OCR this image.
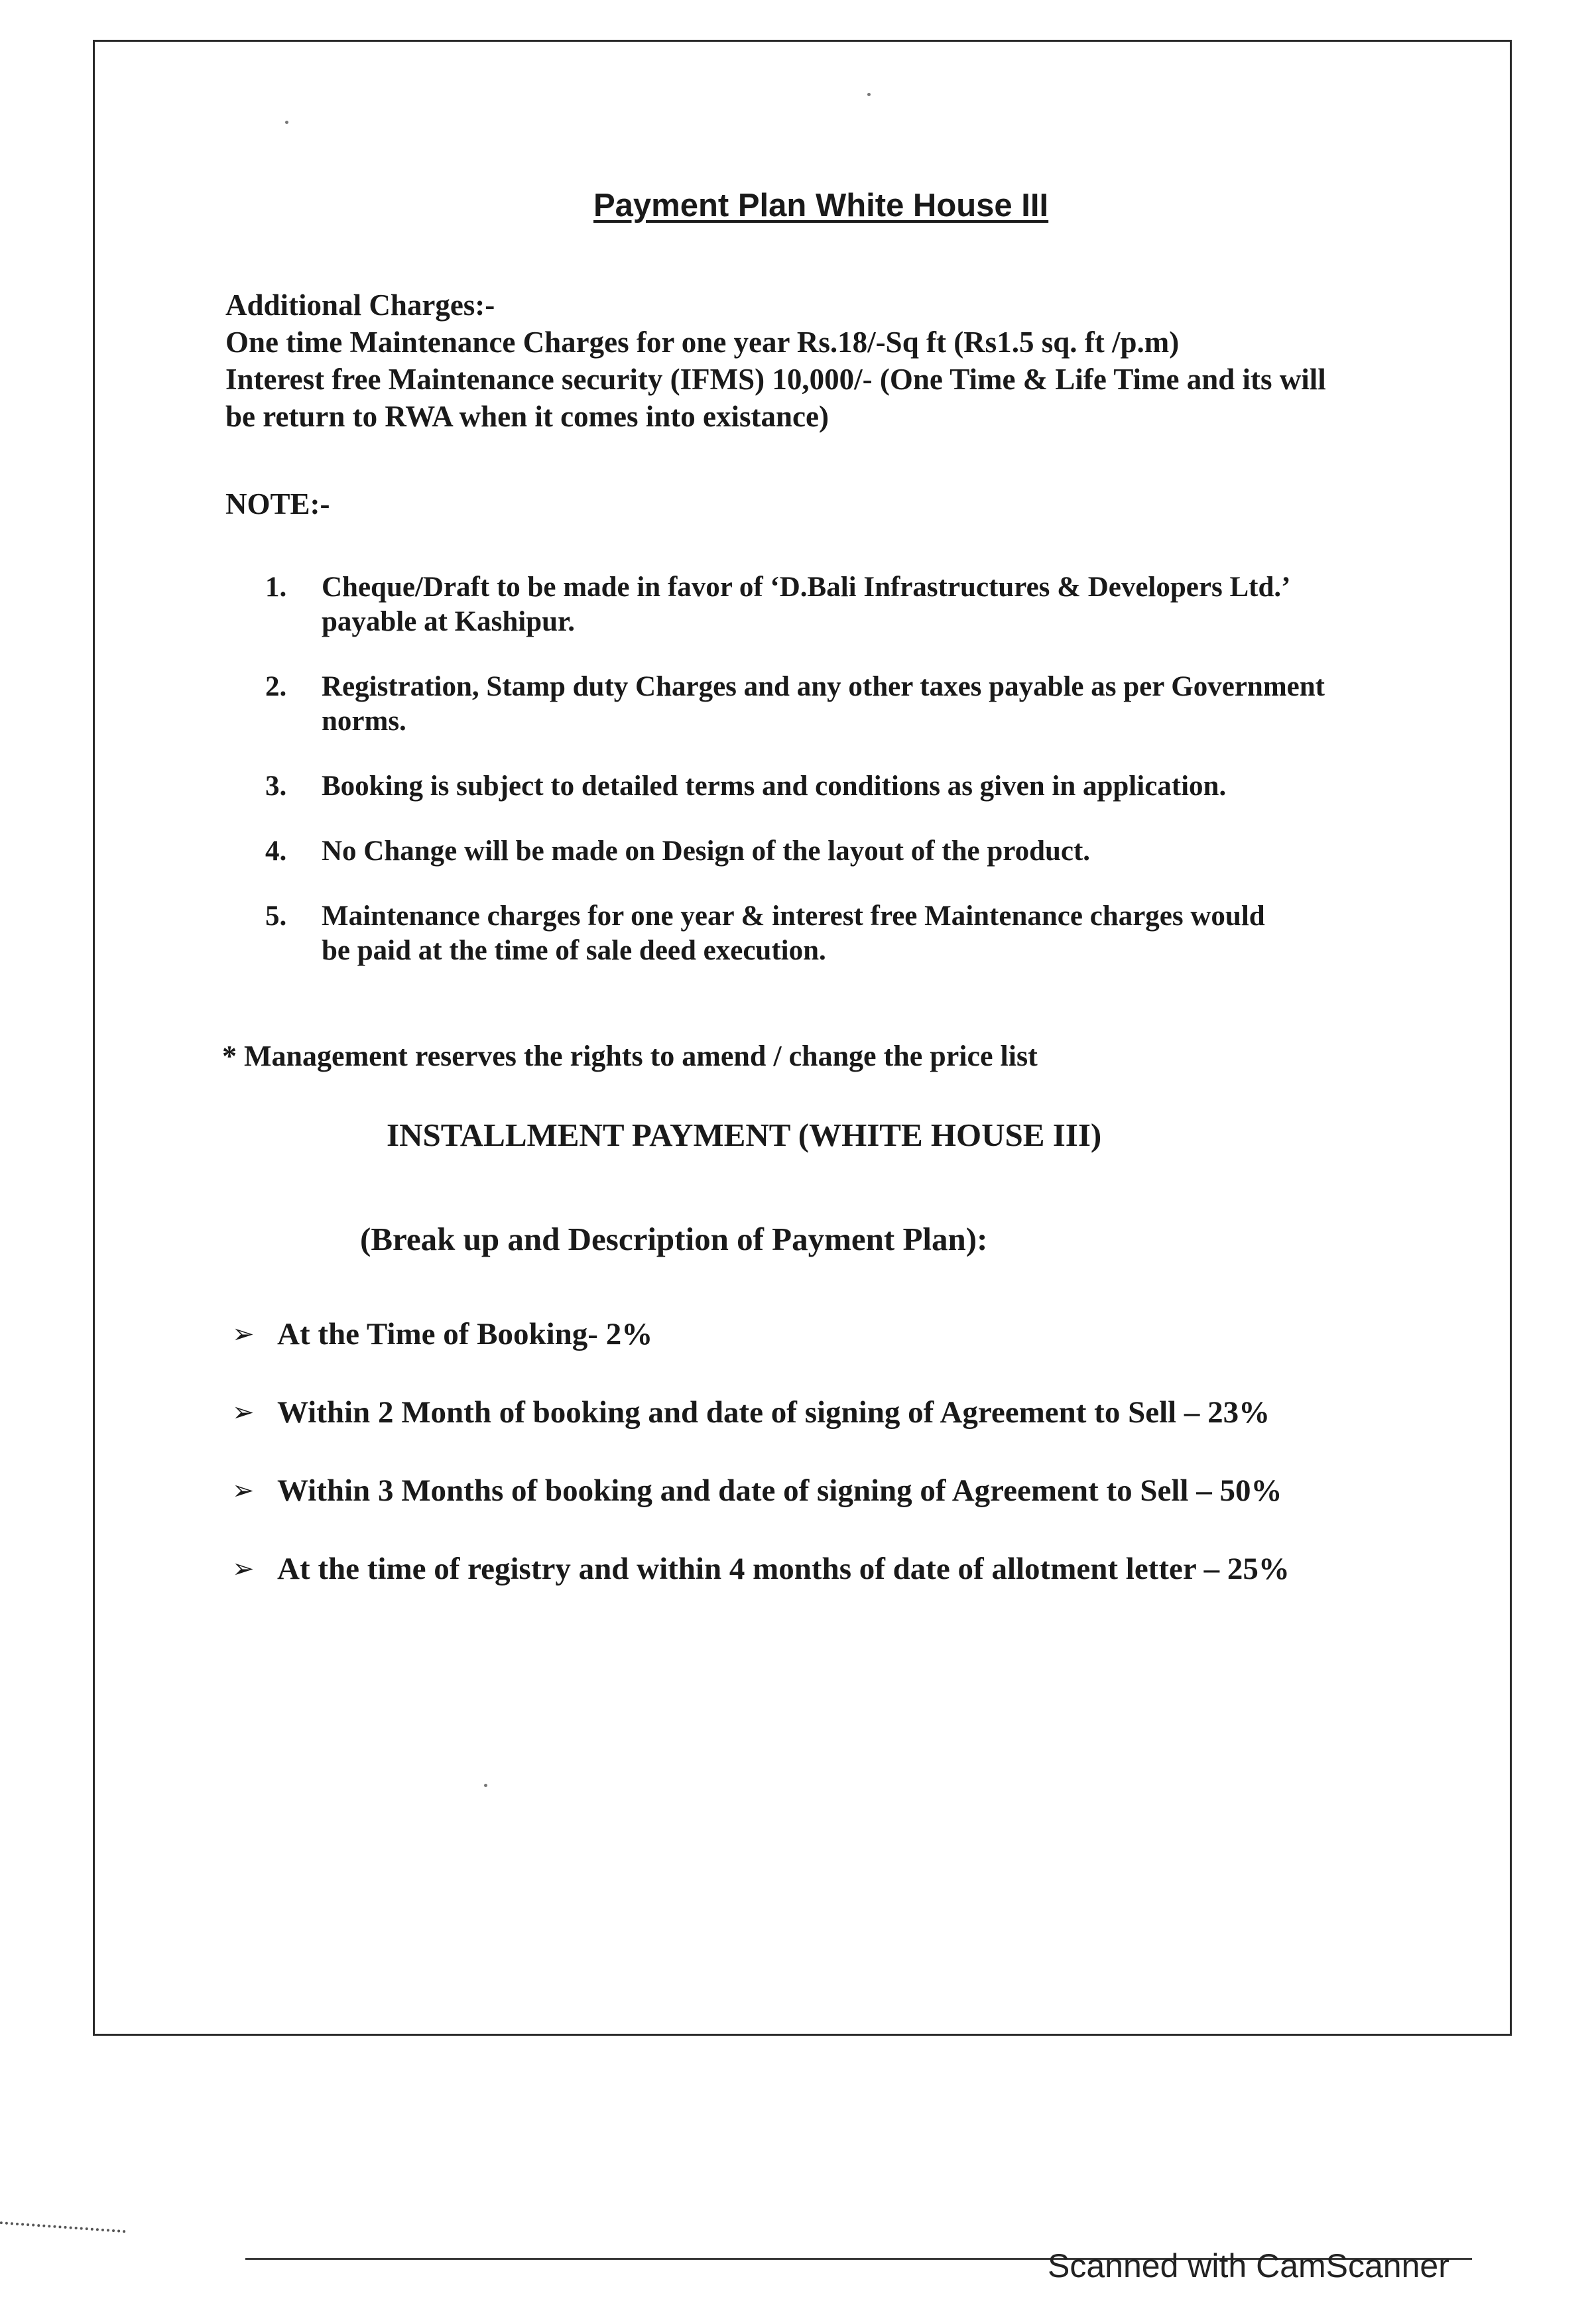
Payment Plan White House III
Additional Charges:-
One time Maintenance Charges for one year Rs.18/-Sq ft (Rs1.5 sq. ft /p.m)
Interest free Maintenance security (IFMS) 10,000/- (One Time & Life Time and its will
be return to RWA when it comes into existance)
NOTE:-
1. Cheque/Draft to be made in favor of ‘D.Bali Infrastructures & Developers Ltd.’
payable at Kashipur.
2. Registration, Stamp duty Charges and any other taxes payable as per Government
norms.
3. Booking is subject to detailed terms and conditions as given in application.
4. No Change will be made on Design of the layout of the product.
5. Maintenance charges for one year & interest free Maintenance charges would
be paid at the time of sale deed execution.
* Management reserves the rights to amend / change the price list
INSTALLMENT PAYMENT (WHITE HOUSE III)
(Break up and Description of Payment Plan):
➢ At the Time of Booking- 2%
➢ Within 2 Month of booking and date of signing of Agreement to Sell – 23%
➢ Within 3 Months of booking and date of signing of Agreement to Sell – 50%
➢ At the time of registry and within 4 months of date of allotment letter – 25%
Scanned with CamScanner
